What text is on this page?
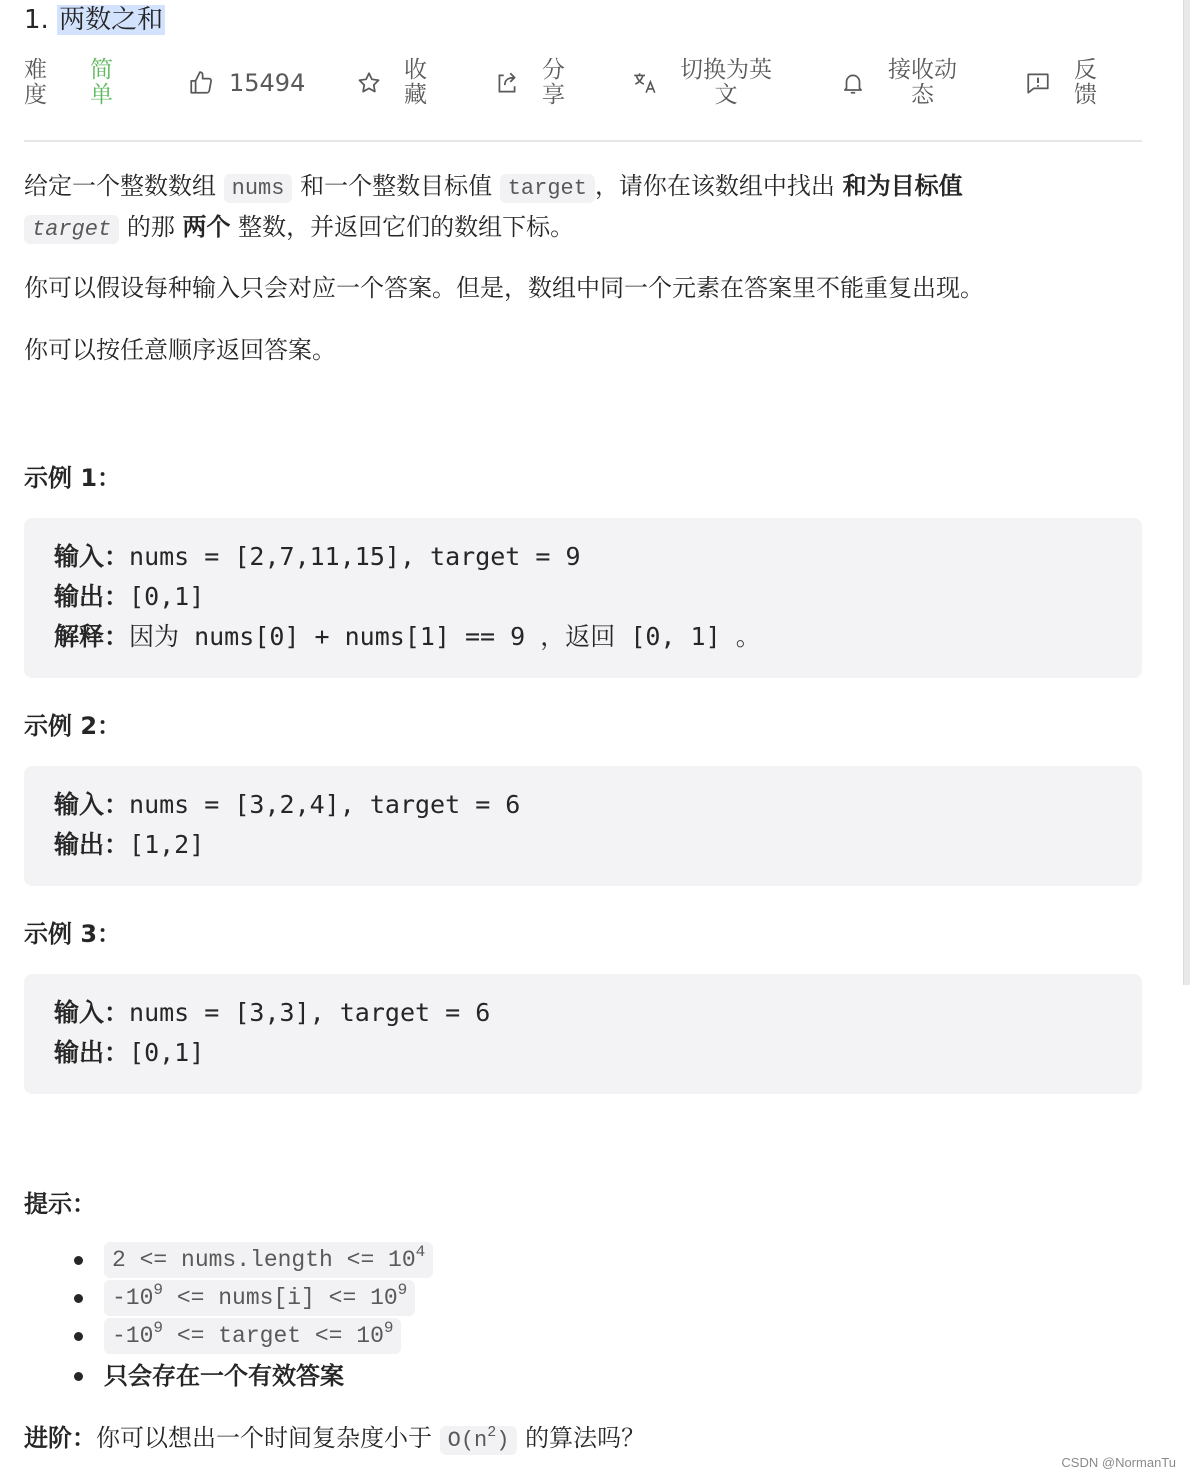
1. 两数之和
难
度
简
单	15494	收
藏
分
享
切换为英
文
接收动
态
反
馈
给定一个整数数组 nums 和一个整数目标值 target ，请你在该数组中找出 和为目标值
target 的那 两个 整数，并返回它们的数组下标。
你可以假设每种输入只会对应一个答案。但是，数组中同一个元素在答案里不能重复出现。
你可以按任意顺序返回答案。
示例 1：
输入：nums = [2,7,11,15], target = 9
输出：[0,1]
解释：因为 nums[0] + nums[1] == 9 ，返回 [0, 1] 。
示例 2：
输入：nums = [3,2,4], target = 6
输出：[1,2]
示例 3：
输入：nums = [3,3], target = 6
输出：[0,1]
提示：
2 <= nums.length <= $10^4$
$-10^9$ <= nums[i] <= $10^9$
$-10^9$ <= target <= $10^9$
只会存在一个有效答案
进阶：你可以想出一个时间复杂度小于 $O(n^2)$ 的算法吗？
CSDN @NormanTu
